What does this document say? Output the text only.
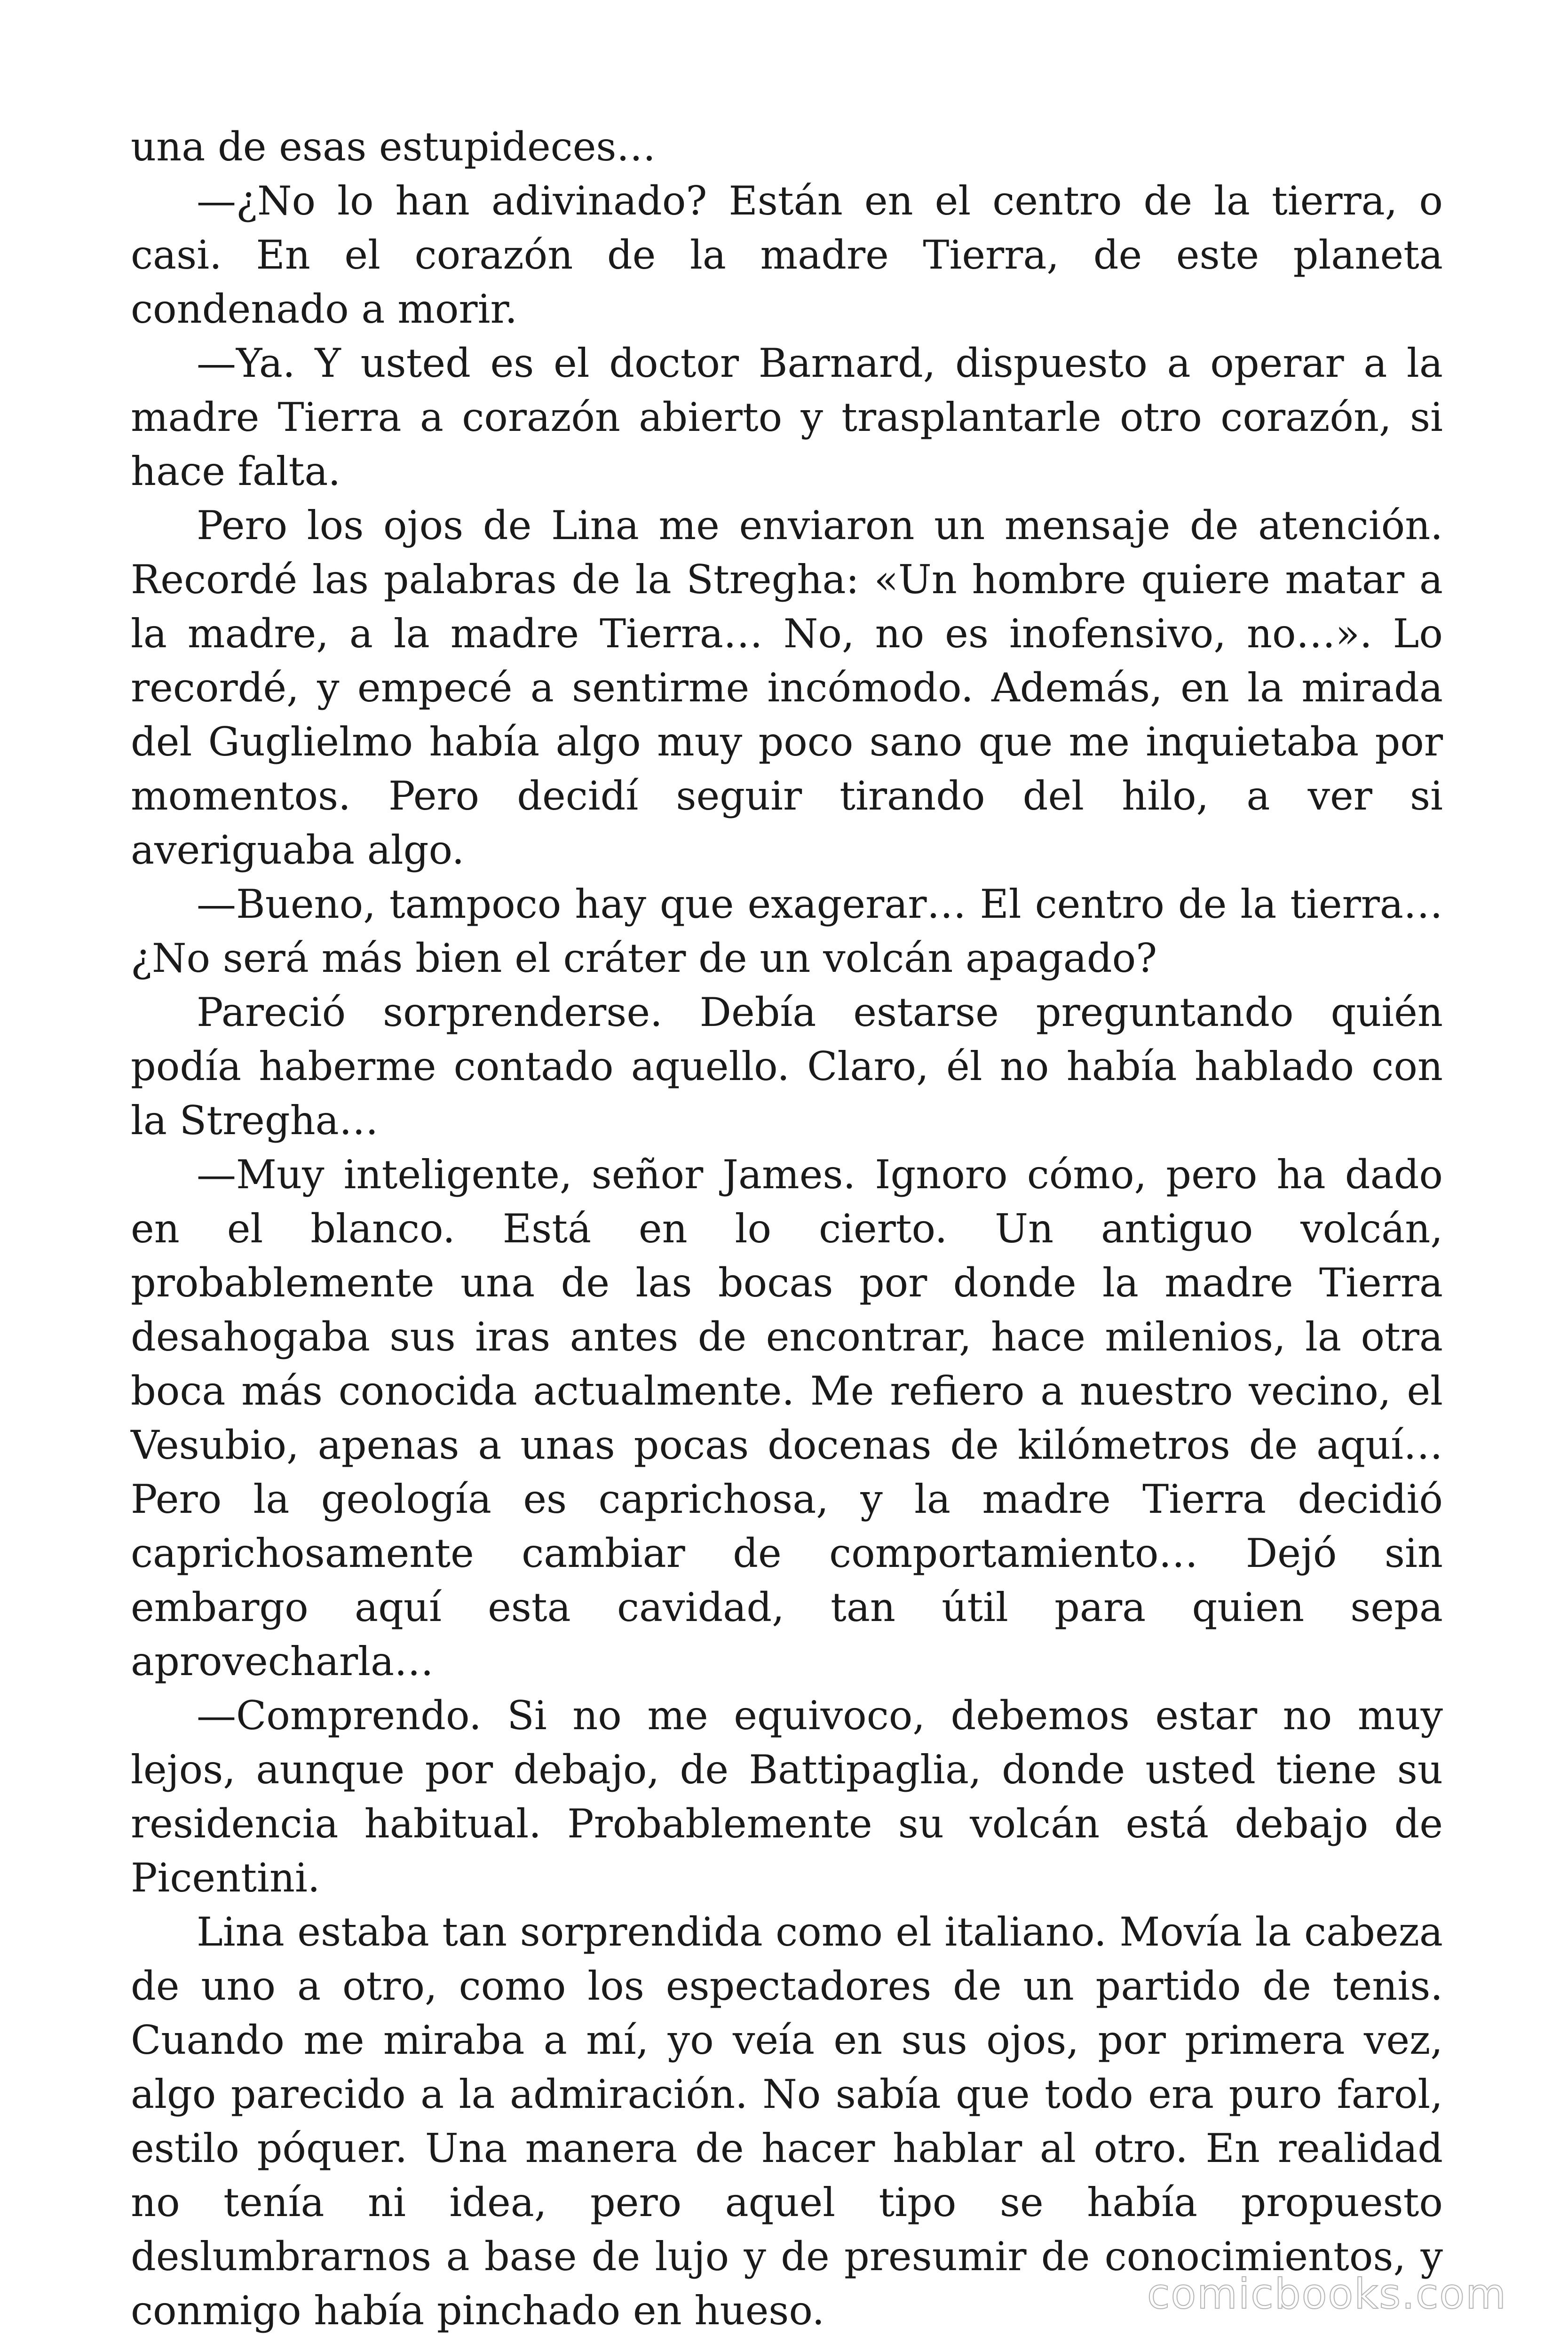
una de esas estupideces…

—¿No lo han adivinado? Están en el centro de la tierra, o casi. En el corazón de la madre Tierra, de este planeta condenado a morir.

—Ya. Y usted es el doctor Barnard, dispuesto a operar a la madre Tierra a corazón abierto y trasplantarle otro corazón, si hace falta.

Pero los ojos de Lina me enviaron un mensaje de atención. Recordé las palabras de la Stregha: «Un hombre quiere matar a la madre, a la madre Tierra… No, no es inofensivo, no…». Lo recordé, y empecé a sentirme incómodo. Además, en la mirada del Guglielmo había algo muy poco sano que me inquietaba por momentos. Pero decidí seguir tirando del hilo, a ver si averiguaba algo.

—Bueno, tampoco hay que exagerar… El centro de la tierra… ¿No será más bien el cráter de un volcán apagado?

Pareció sorprenderse. Debía estarse preguntando quién podía haberme contado aquello. Claro, él no había hablado con la Stregha…

—Muy inteligente, señor James. Ignoro cómo, pero ha dado en el blanco. Está en lo cierto. Un antiguo volcán, probablemente una de las bocas por donde la madre Tierra desahogaba sus iras antes de encontrar, hace milenios, la otra boca más conocida actualmente. Me refiero a nuestro vecino, el Vesubio, apenas a unas pocas docenas de kilómetros de aquí… Pero la geología es caprichosa, y la madre Tierra decidió caprichosamente cambiar de comportamiento… Dejó sin embargo aquí esta cavidad, tan útil para quien sepa aprovecharla…

—Comprendo. Si no me equivoco, debemos estar no muy lejos, aunque por debajo, de Battipaglia, donde usted tiene su residencia habitual. Probablemente su volcán está debajo de Picentini.

Lina estaba tan sorprendida como el italiano. Movía la cabeza de uno a otro, como los espectadores de un partido de tenis. Cuando me miraba a mí, yo veía en sus ojos, por primera vez, algo parecido a la admiración. No sabía que todo era puro farol, estilo póquer. Una manera de hacer hablar al otro. En realidad no tenía ni idea, pero aquel tipo se había propuesto deslumbrarnos a base de lujo y de presumir de conocimientos, y conmigo había pinchado en hueso.	comicbooks.com
